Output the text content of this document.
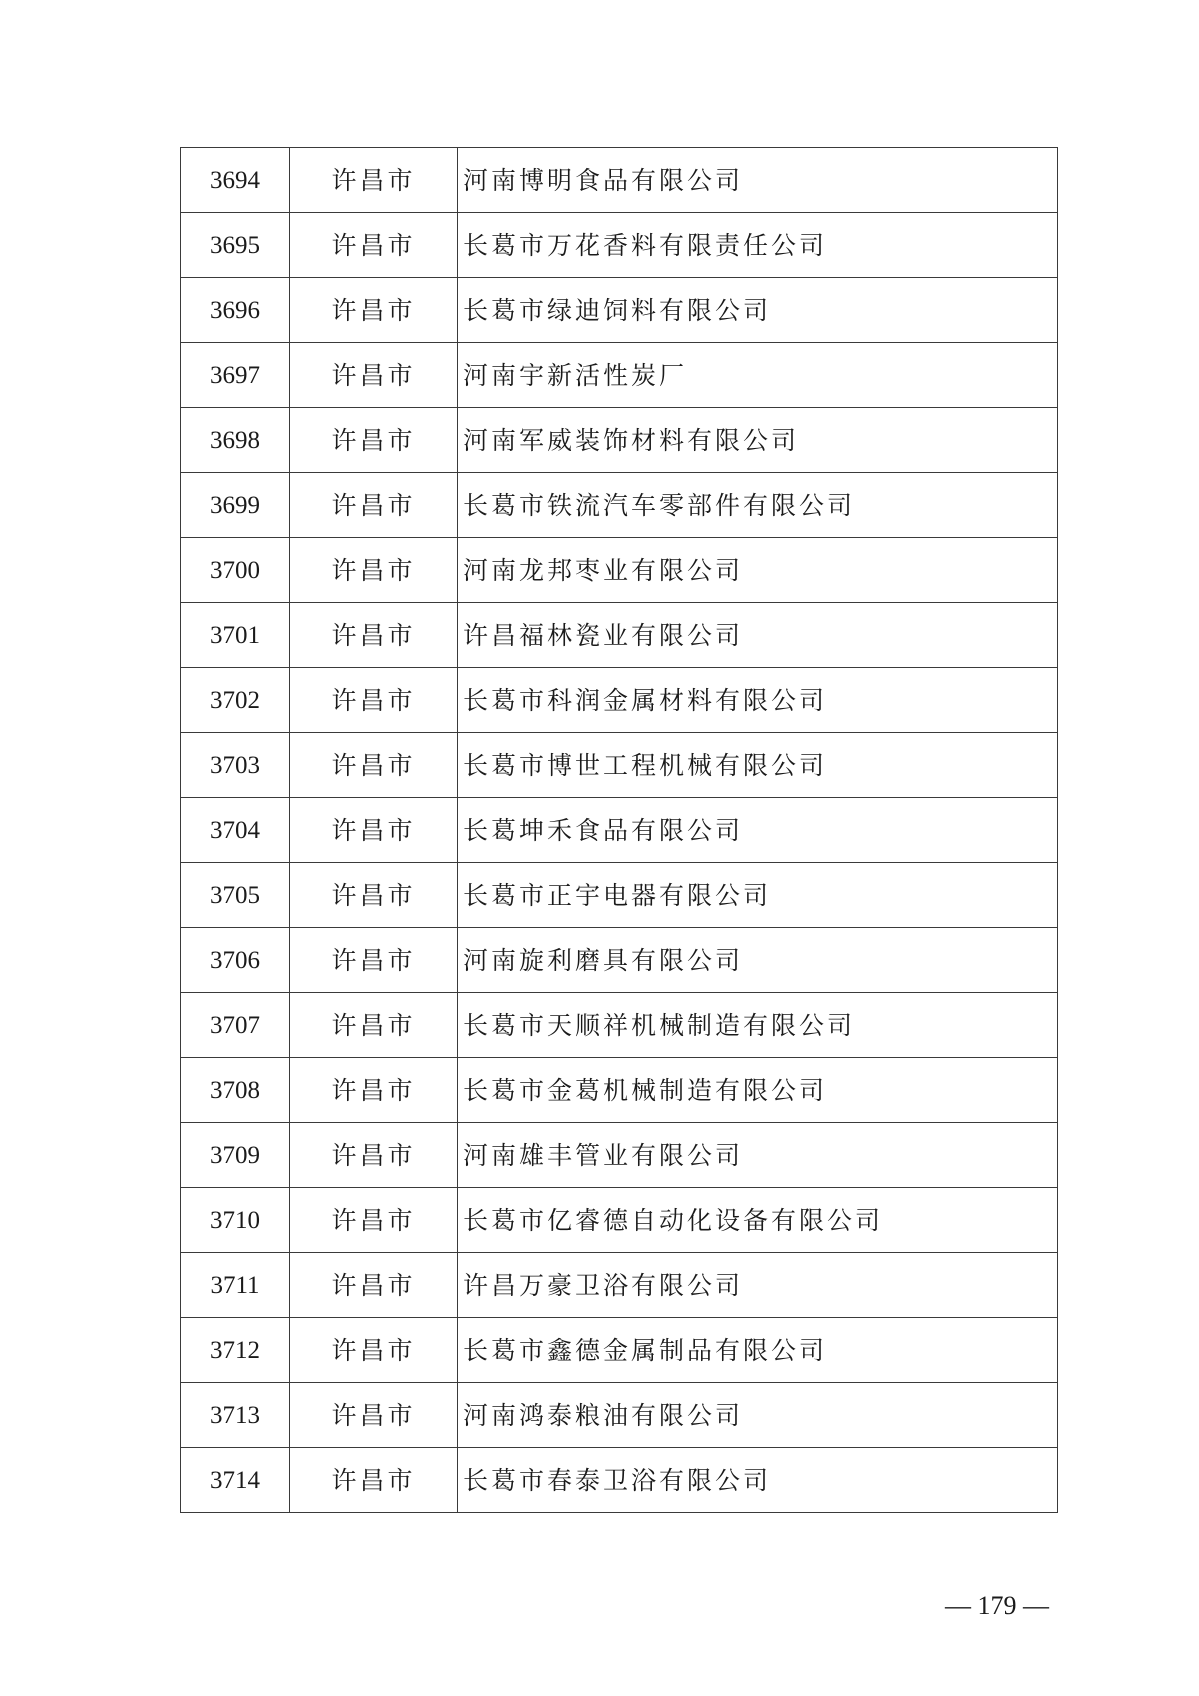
3694	许昌市	河南博明食品有限公司
3695	许昌市	长葛市万花香料有限责任公司
3696	许昌市	长葛市绿迪饲料有限公司
3697	许昌市	河南宇新活性炭厂
3698	许昌市	河南军威装饰材料有限公司
3699	许昌市	长葛市铁流汽车零部件有限公司
3700	许昌市	河南龙邦枣业有限公司
3701	许昌市	许昌福林瓷业有限公司
3702	许昌市	长葛市科润金属材料有限公司
3703	许昌市	长葛市博世工程机械有限公司
3704	许昌市	长葛坤禾食品有限公司
3705	许昌市	长葛市正宇电器有限公司
3706	许昌市	河南旋利磨具有限公司
3707	许昌市	长葛市天顺祥机械制造有限公司
3708	许昌市	长葛市金葛机械制造有限公司
3709	许昌市	河南雄丰管业有限公司
3710	许昌市	长葛市亿睿德自动化设备有限公司
3711	许昌市	许昌万豪卫浴有限公司
3712	许昌市	长葛市鑫德金属制品有限公司
3713	许昌市	河南鸿泰粮油有限公司
3714	许昌市	长葛市春泰卫浴有限公司
— 179 —
